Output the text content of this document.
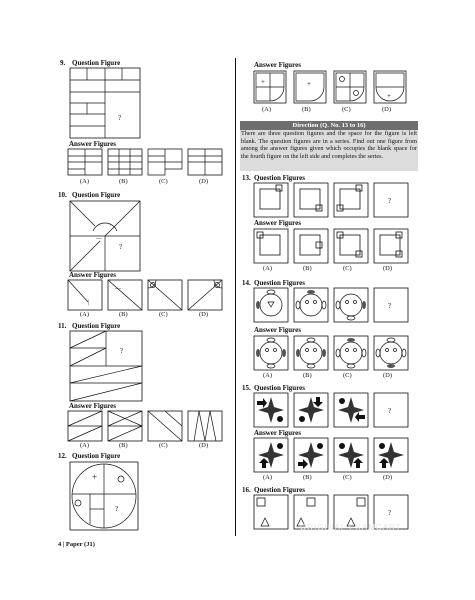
9. Question Figure
?
Answer Figures
(A)	(B)	(C)	(D)
10. Question Figure
—
?
Answer Figures
|
—
(A)	(B)	(C)	(D)
11. Question Figure
?
Answer Figures
(A)	(B)	(C)	(D)
12. Question Figure
+
?
Answer Figures
+	+
+
(A)	(B)	(C)	(D)
Direction (Q. No. 13 to 16)
There are three question figures and the space for the figure is left blank. The question figures are in a series. Find out one figure from among the answer figures given which occupies the blank space for the fourth figure on the left side and completes the series.
13. Question Figures
?
Answer Figures
(A)	(B)	(C)	(D)
14. Question Figures
?
Answer Figures
(A)	(B)	(C)	(D)
15. Question Figures
?
Answer Figures
(A)	(B)	(C)	(D)
16. Question Figures
?
ORIGINAL EXAMCART
4 | Paper (J1)
